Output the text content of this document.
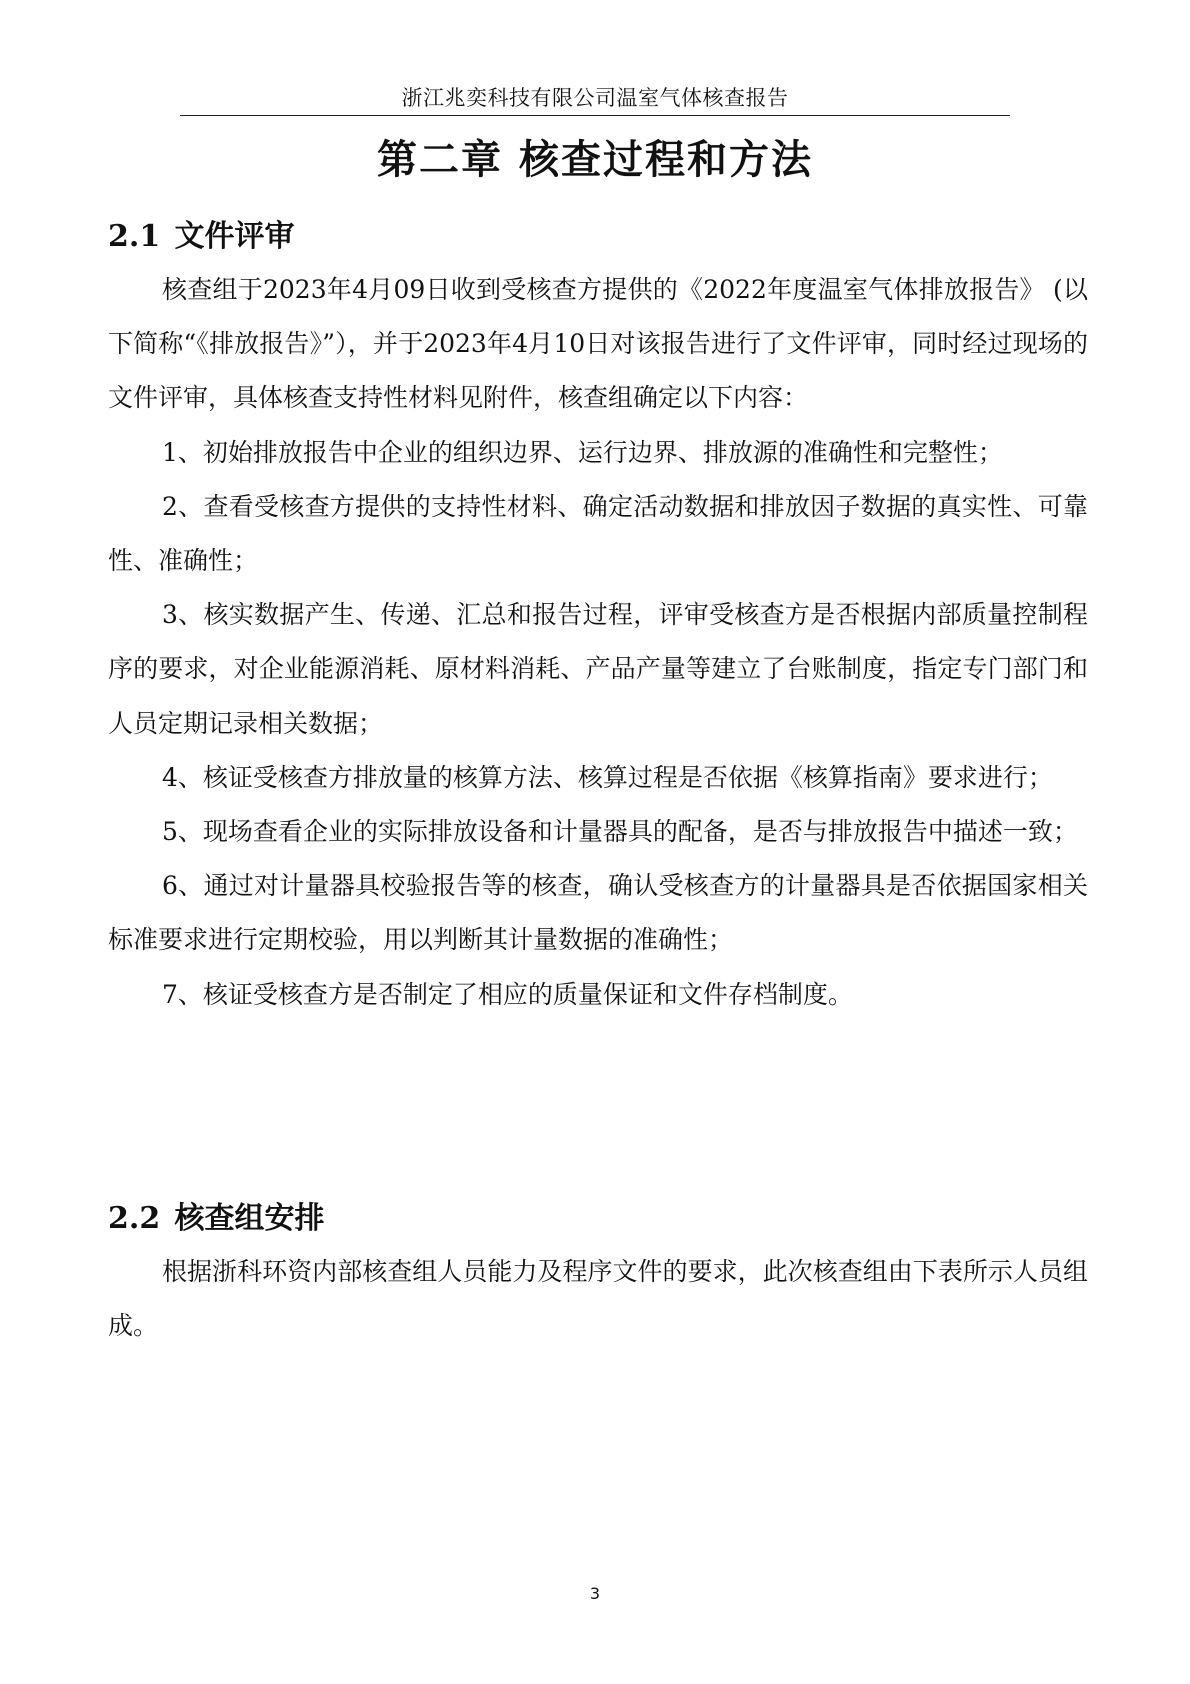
浙江兆奕科技有限公司温室气体核查报告
第二章 核查过程和方法
2.1 文件评审

核查组于2023年4月09日收到受核查方提供的《2022年度温室气体排放报告》 (以下简称“《排放报告》”），并于2023年4月10日对该报告进行了文件评审，同时经过现场的文件评审，具体核查支持性材料见附件，核查组确定以下内容：

1、初始排放报告中企业的组织边界、运行边界、排放源的准确性和完整性；

2、查看受核查方提供的支持性材料、确定活动数据和排放因子数据的真实性、可靠性、准确性；

3、核实数据产生、传递、汇总和报告过程，评审受核查方是否根据内部质量控制程序的要求，对企业能源消耗、原材料消耗、产品产量等建立了台账制度，指定专门部门和人员定期记录相关数据；

4、核证受核查方排放量的核算方法、核算过程是否依据《核算指南》要求进行；

5、现场查看企业的实际排放设备和计量器具的配备，是否与排放报告中描述一致；

6、通过对计量器具校验报告等的核查，确认受核查方的计量器具是否依据国家相关标准要求进行定期校验，用以判断其计量数据的准确性；

7、核证受核查方是否制定了相应的质量保证和文件存档制度。

2.2 核查组安排

根据浙科环资内部核查组人员能力及程序文件的要求，此次核查组由下表所示人员组成。

3
